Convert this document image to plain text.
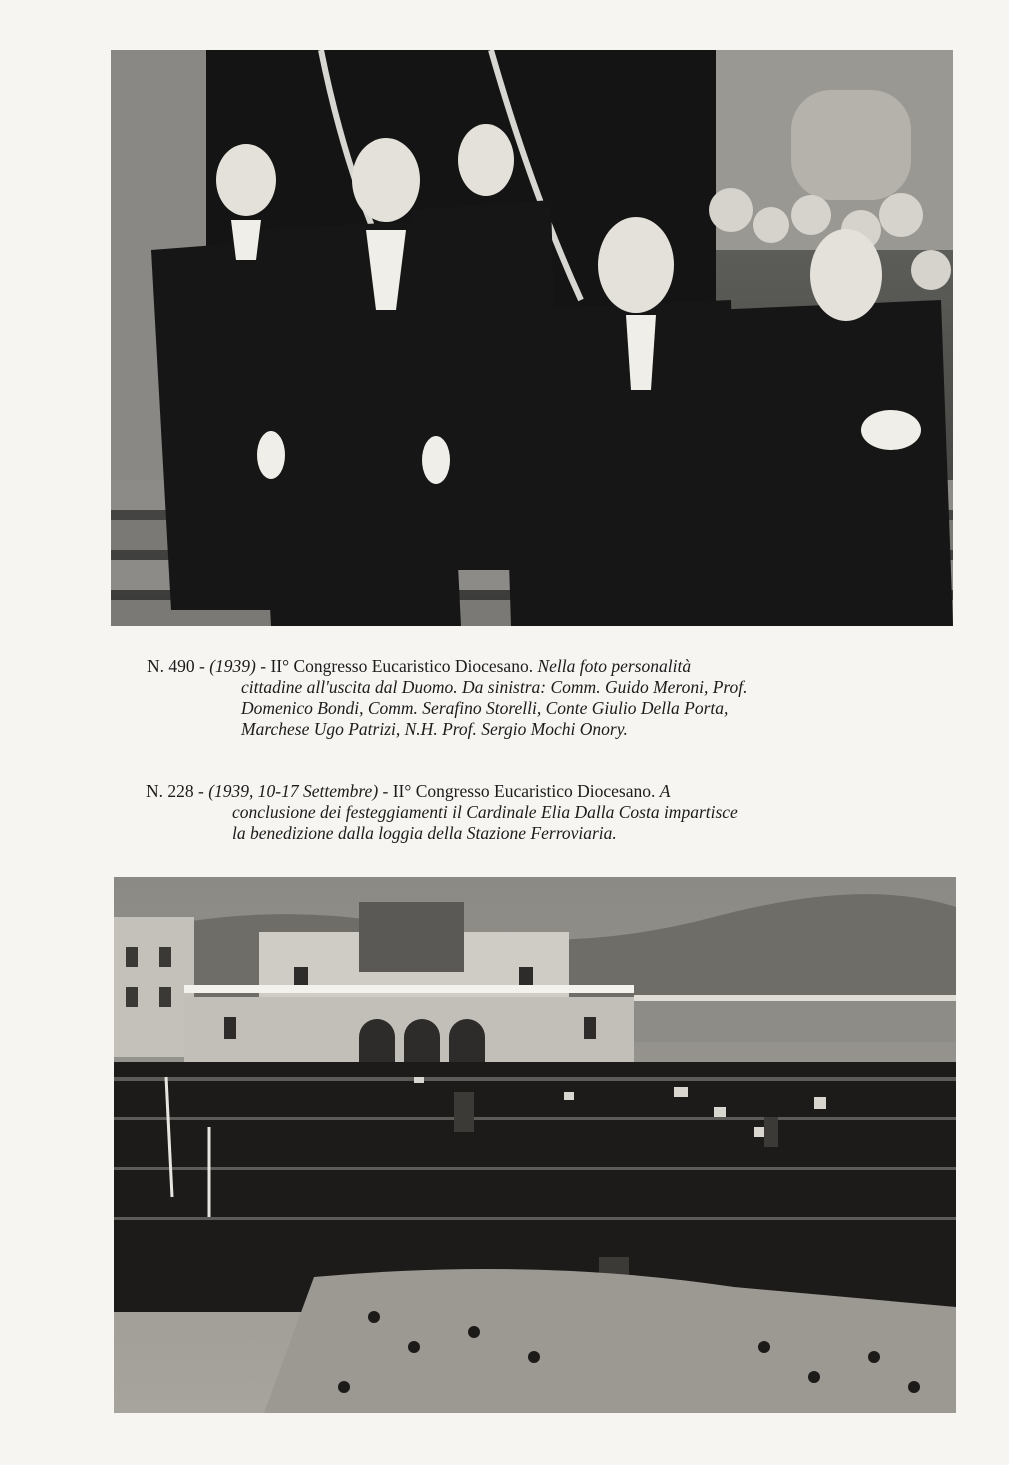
N. 490 - (1939) - II° Congresso Eucaristico Diocesano. Nella foto personalità
cittadine all'uscita dal Duomo. Da sinistra: Comm. Guido Meroni, Prof.
Domenico Bondi, Comm. Serafino Storelli, Conte Giulio Della Porta,
Marchese Ugo Patrizi, N.H. Prof. Sergio Mochi Onory.
N. 228 - (1939, 10-17 Settembre) - II° Congresso Eucaristico Diocesano. A
conclusione dei festeggiamenti il Cardinale Elia Dalla Costa impartisce
la benedizione dalla loggia della Stazione Ferroviaria.
